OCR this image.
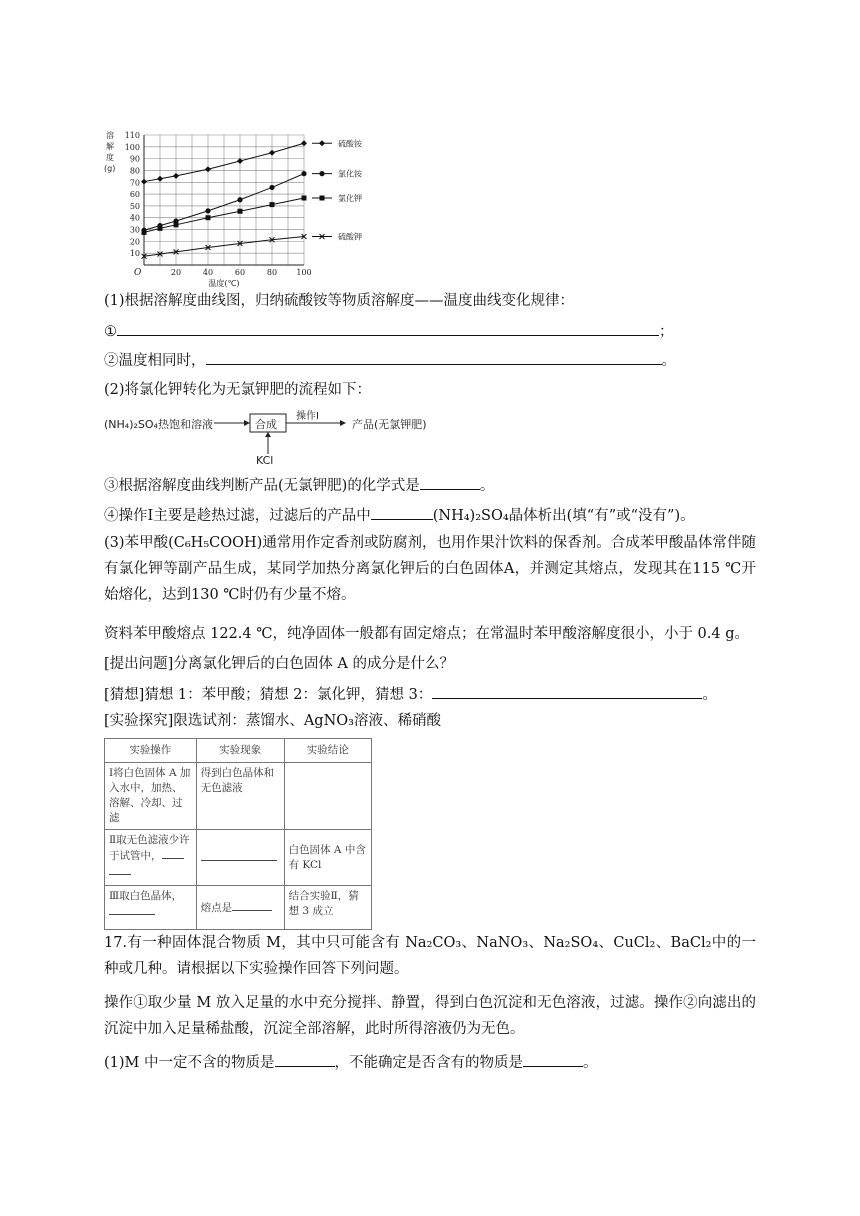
硫酸铵
氯化铵
氯化钾
硫酸钾
10
20
30
40
50
60
70
80
90
100
110
20	40	60	80 100
O
温度(℃)
溶解度(g)
(1)根据溶解度曲线图，归纳硫酸铵等物质溶解度——温度曲线变化规律：
①	；
②温度相同时，	。
(2)将氯化钾转化为无氯钾肥的流程如下：
(NH₄)₂SO₄热饱和溶液	合成
操作Ⅰ
产品(无氯钾肥)
KCl
③根据溶解度曲线判断产品(无氯钾肥)的化学式是	。
④操作Ⅰ主要是趁热过滤，过滤后的产品中	(NH₄)₂SO₄晶体析出(填“有”或“没有”)。
(3)苯甲酸(C₆H₅COOH)通常用作定香剂或防腐剂，也用作果汁饮料的保香剂。合成苯甲酸晶体常伴随有氯化钾等副产品生成，某同学加热分离氯化钾后的白色固体A，并测定其熔点，发现其在115 ℃开始熔化，达到130 ℃时仍有少量不熔。
资料苯甲酸熔点 122.4 ℃，纯净固体一般都有固定熔点；在常温时苯甲酸溶解度很小，小于 0.4 g。
[提出问题]分离氯化钾后的白色固体 A 的成分是什么？
[猜想]猜想 1：苯甲酸；猜想 2：氯化钾，猜想 3：	。
[实验探究]限选试剂：蒸馏水、AgNO₃溶液、稀硝酸
实验操作	实验现象	实验结论
Ⅰ将白色固体 A 加入水中，加热、溶解、冷却、过滤	得到白色晶体和无色滤液	
Ⅱ取无色滤液少许于试管中，		白色固体 A 中含有 KCl
Ⅲ取白色晶体，	熔点是	结合实验Ⅱ，猜想 3 成立
17.有一种固体混合物质 M，其中只可能含有 Na₂CO₃、NaNO₃、Na₂SO₄、CuCl₂、BaCl₂中的一种或几种。请根据以下实验操作回答下列问题。
操作①取少量 M 放入足量的水中充分搅拌、静置，得到白色沉淀和无色溶液，过滤。操作②向滤出的沉淀中加入足量稀盐酸，沉淀全部溶解，此时所得溶液仍为无色。
(1)M 中一定不含的物质是	，不能确定是否含有的物质是	。
